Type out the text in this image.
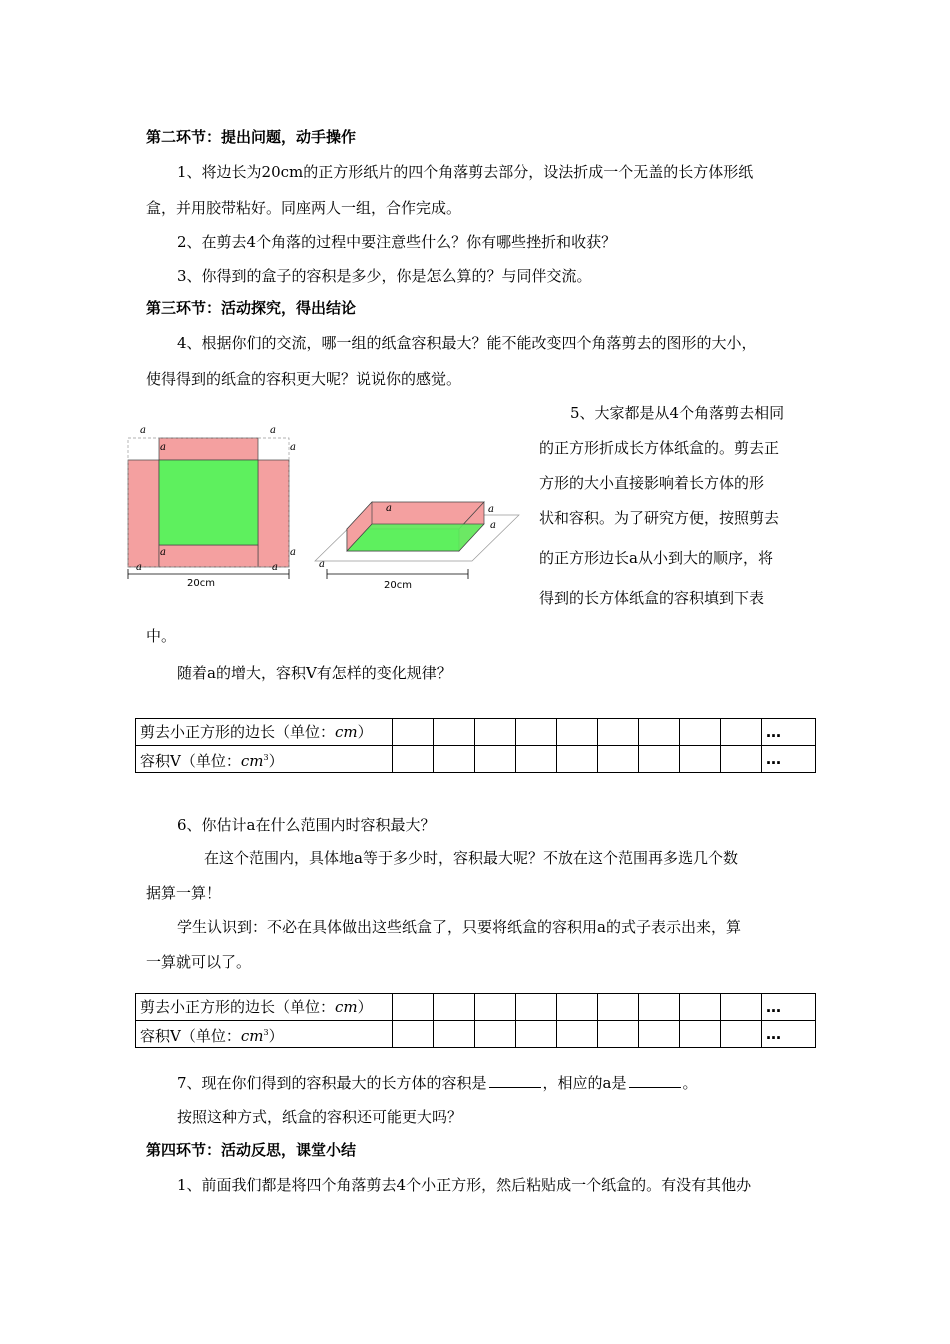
第二环节：提出问题，动手操作
1、将边长为20cm的正方形纸片的四个角落剪去部分，设法折成一个无盖的长方体形纸
盒，并用胶带粘好。同座两人一组，合作完成。
2、在剪去4个角落的过程中要注意些什么？你有哪些挫折和收获？
3、你得到的盒子的容积是多少，你是怎么算的？与同伴交流。
第三环节：活动探究，得出结论
4、根据你们的交流，哪一组的纸盒容积最大？能不能改变四个角落剪去的图形的大小，
使得得到的纸盒的容积更大呢？说说你的感觉。
5、大家都是从4个角落剪去相同
的正方形折成长方体纸盒的。剪去正
方形的大小直接影响着长方体的形
状和容积。为了研究方便，按照剪去
的正方形边长a从小到大的顺序，将
得到的长方体纸盒的容积填到下表
中。
a	a
a	a
a
a	a
a
20cm
a	a
a
a
20cm
随着a的增大，容积V有怎样的变化规律？
剪去小正方形的边长（单位：cm）										…
容积V（单位：$cm^3$）										…
6、你估计a在什么范围内时容积最大？
在这个范围内，具体地a等于多少时，容积最大呢？不放在这个范围再多选几个数
据算一算！
学生认识到：不必在具体做出这些纸盒了，只要将纸盒的容积用a的式子表示出来，算
一算就可以了。
剪去小正方形的边长（单位：cm）										…
容积V（单位：$cm^3$）										…
7、现在你们得到的容积最大的长方体的容积是	，相应的a是	。
按照这种方式，纸盒的容积还可能更大吗？
第四环节：活动反思，课堂小结
1、前面我们都是将四个角落剪去4个小正方形，然后粘贴成一个纸盒的。有没有其他办
